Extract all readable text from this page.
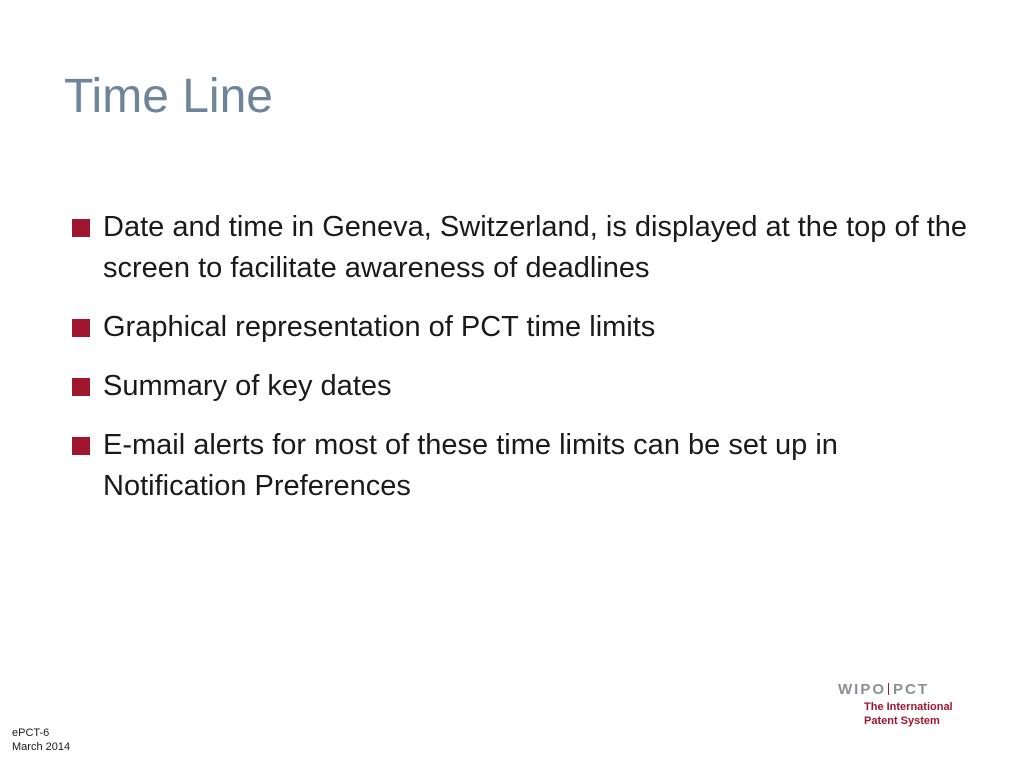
Time Line
Date and time in Geneva, Switzerland, is displayed at the top of the screen to facilitate awareness of deadlines
Graphical representation of PCT time limits
Summary of key dates
E-mail alerts for most of these time limits can be set up in Notification Preferences
ePCT-6
March 2014
WIPO PCT
The International
Patent System
